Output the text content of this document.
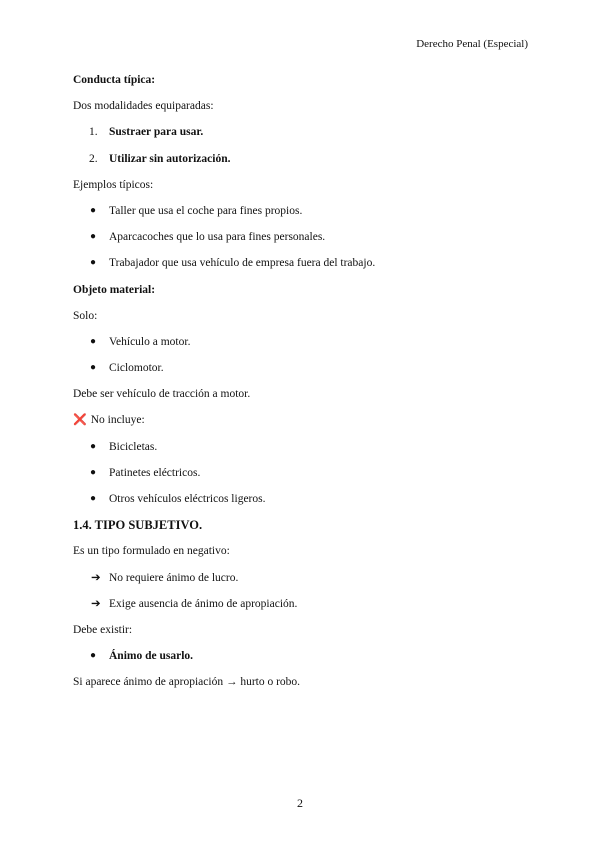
Derecho Penal (Especial)
Conducta típica:
Dos modalidades equiparadas:
1. Sustraer para usar.
2. Utilizar sin autorización.
Ejemplos típicos:
● Taller que usa el coche para fines propios.
● Aparcacoches que lo usa para fines personales.
● Trabajador que usa vehículo de empresa fuera del trabajo.
Objeto material:
Solo:
● Vehículo a motor.
● Ciclomotor.
Debe ser vehículo de tracción a motor.
❌ No incluye:
● Bicicletas.
● Patinetes eléctricos.
● Otros vehículos eléctricos ligeros.
1.4. TIPO SUBJETIVO.
Es un tipo formulado en negativo:
➔ No requiere ánimo de lucro.
➔ Exige ausencia de ánimo de apropiación.
Debe existir:
● Ánimo de usarlo.
Si aparece ánimo de apropiación → hurto o robo.
2
